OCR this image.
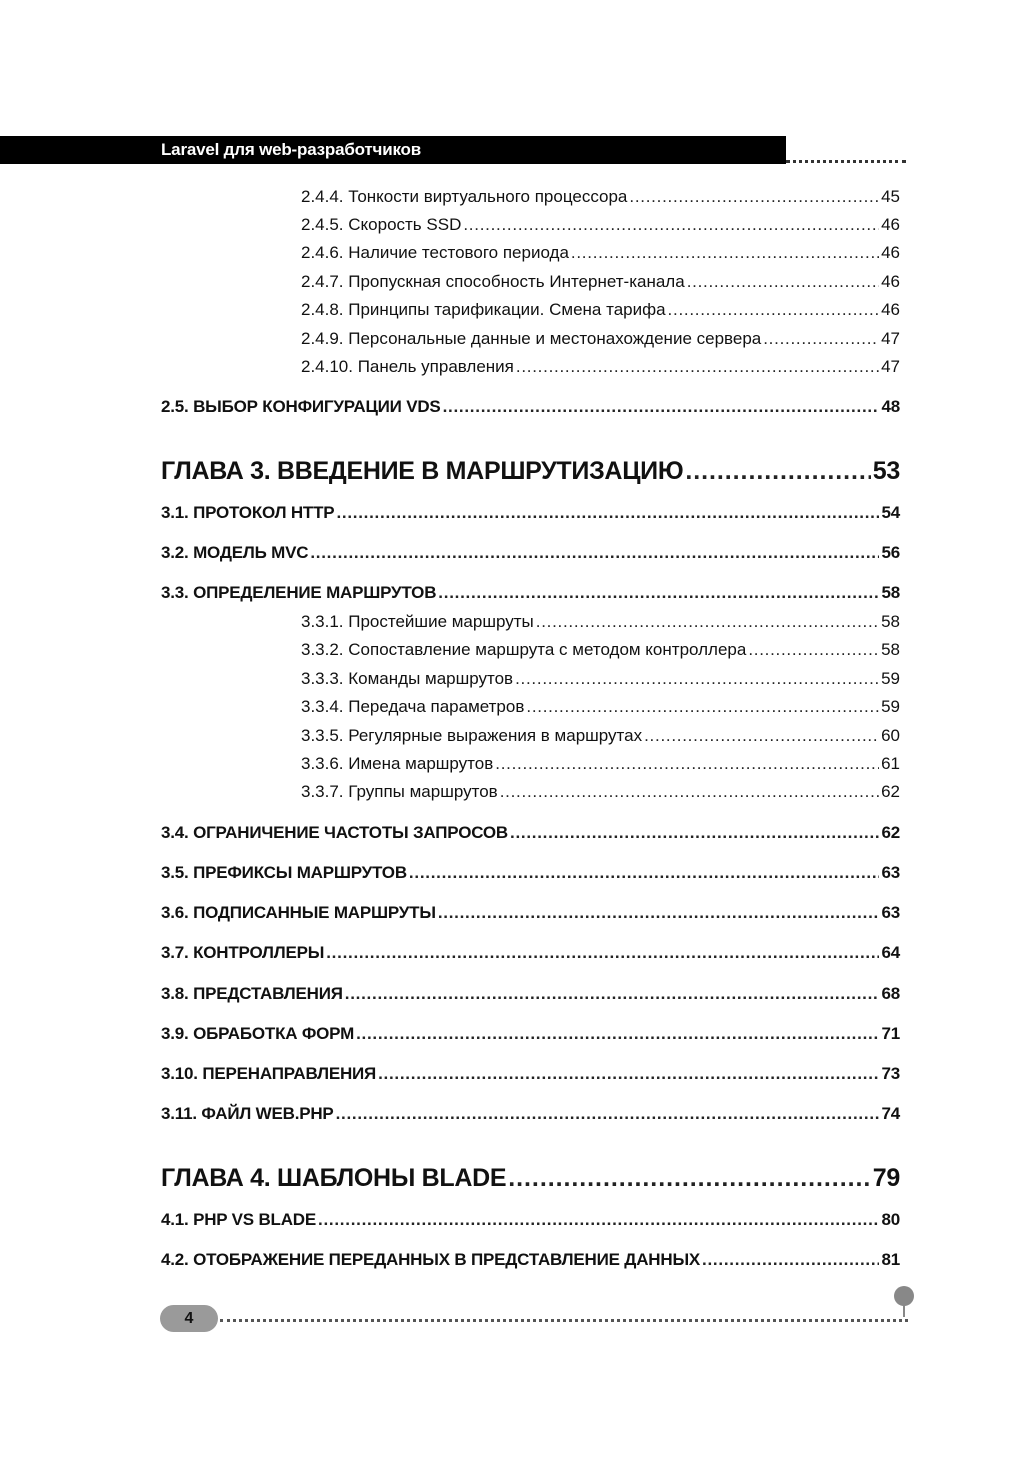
Laravel для web-разработчиков
2.4.4. Тонкости виртуального процессора . . .	45
2.4.5. Скорость SSD . . .	46
2.4.6. Наличие тестового периода . . .	46
2.4.7. Пропускная способность Интернет-канала . . .	46
2.4.8. Принципы тарификации. Смена тарифа . . .	46
2.4.9. Персональные данные и местонахождение сервера . . .	47
2.4.10. Панель управления . . .	47
2.5. ВЫБОР КОНФИГУРАЦИИ VDS . . .	48
ГЛАВА 3. ВВЕДЕНИЕ В МАРШРУТИЗАЦИЮ . . .	53
3.1. ПРОТОКОЛ HTTP . . .	54
3.2. МОДЕЛЬ MVC . . .	56
3.3. ОПРЕДЕЛЕНИЕ МАРШРУТОВ . . .	58
3.3.1. Простейшие маршруты . . .	58
3.3.2. Сопоставление маршрута с методом контроллера . . .	58
3.3.3. Команды маршрутов . . .	59
3.3.4. Передача параметров . . .	59
3.3.5. Регулярные выражения в маршрутах . . .	60
3.3.6. Имена маршрутов . . .	61
3.3.7. Группы маршрутов . . .	62
3.4. ОГРАНИЧЕНИЕ ЧАСТОТЫ ЗАПРОСОВ . . .	62
3.5. ПРЕФИКСЫ МАРШРУТОВ . . .	63
3.6. ПОДПИСАННЫЕ МАРШРУТЫ . . .	63
3.7. КОНТРОЛЛЕРЫ . . .	64
3.8. ПРЕДСТАВЛЕНИЯ . . .	68
3.9. ОБРАБОТКА ФОРМ . . .	71
3.10. ПЕРЕНАПРАВЛЕНИЯ . . .	73
3.11. ФАЙЛ WEB.PHP . . .	74
ГЛАВА 4. ШАБЛОНЫ BLADE . . .	79
4.1. PHP VS BLADE . . .	80
4.2. ОТОБРАЖЕНИЕ ПЕРЕДАННЫХ В ПРЕДСТАВЛЕНИЕ ДАННЫХ . . .	81
4
